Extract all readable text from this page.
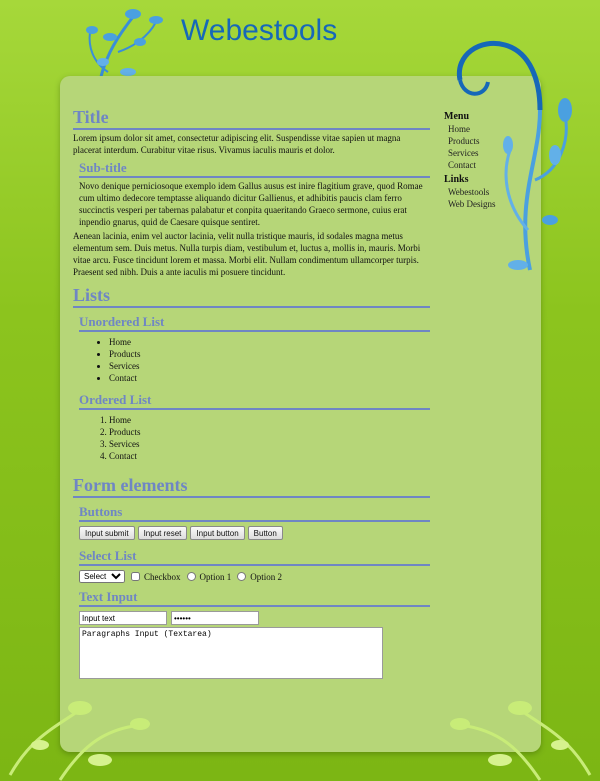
Webestools
Title

Lorem ipsum dolor sit amet, consectetur adipiscing elit. Suspendisse vitae sapien ut magna placerat interdum. Curabitur vitae risus. Vivamus iaculis mauris et dolor.

Sub-title

Novo denique perniciosoque exemplo idem Gallus ausus est inire flagitium grave, quod Romae cum ultimo dedecore temptasse aliquando dicitur Gallienus, et adhibitis paucis clam ferro succinctis vesperi per tabernas palabatur et conpita quaeritando Graeco sermone, cuius erat inpendio gnarus, quid de Caesare quisque sentiret.

Aenean lacinia, enim vel auctor lacinia, velit nulla tristique mauris, id sodales magna metus elementum sem. Duis metus. Nulla turpis diam, vestibulum et, luctus a, mollis in, mauris. Morbi vitae arcu. Fusce tincidunt lorem et massa. Morbi elit. Nullam condimentum ullamcorper turpis. Praesent sed nibh. Duis a ante iaculis mi posuere tincidunt.

Lists
Unordered List
• Home
• Products
• Services
• Contact
Ordered List
1. Home
2. Products
3. Services
4. Contact
Form elements
Buttons
Input submit	Input reset	Input button	Button
Select List
Select
Checkbox Option 1 Option 2
Text Input
Input text
Paragraphs Input (Textarea)
Menu
Home
Products
Services
Contact
Links
Webestools
Web Designs
